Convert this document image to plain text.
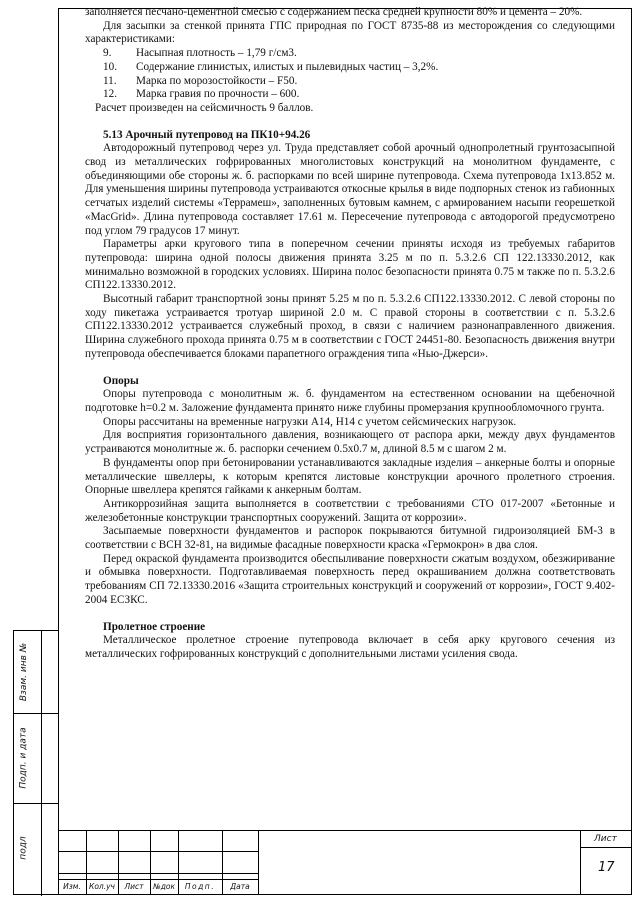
Взам. инв №
Подп. и дата
подл

заполняется песчано-цементной смесью с содержанием песка средней крупности 80% и цемента – 20%.

Для засыпки за стенкой принята ГПС природная по ГОСТ 8735-88 из месторождения со следующими характеристиками:

9. Насыпная плотность – 1,79 г/см3.
10. Содержание глинистых, илистых и пылевидных частиц – 3,2%.
11. Марка по морозостойкости – F50.
12. Марка гравия по прочности – 600.

Расчет произведен на сейсмичность 9 баллов.

5.13 Арочный путепровод на ПК10+94.26

Автодорожный путепровод через ул. Труда представляет собой арочный однопролетный грунтозасыпной свод из металлических гофрированных многолистовых конструкций на монолитном фундаменте, с объединяющими обе стороны ж. б. распорками по всей ширине путепровода. Схема путепровода 1х13.852 м. Для уменьшения ширины путепровода устраиваются откосные крылья в виде подпорных стенок из габионных сетчатых изделий системы «Террамеш», заполненных бутовым камнем, с армированием насыпи георешеткой «MacGrid». Длина путепровода составляет 17.61 м. Пересечение путепровода с автодорогой предусмотрено под углом 79 градусов 17 минут.

Параметры арки кругового типа в поперечном сечении приняты исходя из требуемых габаритов путепровода: ширина одной полосы движения принята 3.25 м по п. 5.3.2.6 СП 122.13330.2012, как минимально возможной в городских условиях. Ширина полос безопасности принята 0.75 м также по п. 5.3.2.6 СП122.13330.2012.

Высотный габарит транспортной зоны принят 5.25 м по п. 5.3.2.6 СП122.13330.2012. С левой стороны по ходу пикетажа устраивается тротуар шириной 2.0 м. С правой стороны в соответствии с п. 5.3.2.6 СП122.13330.2012 устраивается служебный проход, в связи с наличием разнонаправленного движения. Ширина служебного прохода принята 0.75 м в соответствии с ГОСТ 24451-80. Безопасность движения внутри путепровода обеспечивается блоками парапетного ограждения типа «Нью-Джерси».

Опоры

Опоры путепровода с монолитным ж. б. фундаментом на естественном основании на щебеночной подготовке h=0.2 м. Заложение фундамента принято ниже глубины промерзания крупнообломочного грунта.

Опоры рассчитаны на временные нагрузки А14, Н14 с учетом сейсмических нагрузок.

Для восприятия горизонтального давления, возникающего от распора арки, между двух фундаментов устраиваются монолитные ж. б. распорки сечением 0.5х0.7 м, длиной 8.5 м с шагом 2 м.

В фундаменты опор при бетонировании устанавливаются закладные изделия – анкерные болты и опорные металлические швеллеры, к которым крепятся листовые конструкции арочного пролетного строения. Опорные швеллера крепятся гайками к анкерным болтам.

Антикоррозийная защита выполняется в соответствии с требованиями СТО 017-2007 «Бетонные и железобетонные конструкции транспортных сооружений. Защита от коррозии».

Засыпаемые поверхности фундаментов и распорок покрываются битумной гидроизоляцией БМ-3 в соответствии с ВСН 32-81, на видимые фасадные поверхности краска «Гермокрон» в два слоя.

Перед окраской фундамента производится обеспыливание поверхности сжатым воздухом, обезжиривание и обмывка поверхности. Подготавливаемая поверхность перед окрашиванием должна соответствовать требованиям СП 72.13330.2016 «Защита строительных конструкций и сооружений от коррозии», ГОСТ 9.402-2004 ЕСЗКС.

Пролетное строение

Металлическое пролетное строение путепровода включает в себя арку кругового сечения из металлических гофрированных конструкций с дополнительными листами усиления свода.

Изм.	Кол.уч	Лист	№док	Подп.	Дата
Лист
17
